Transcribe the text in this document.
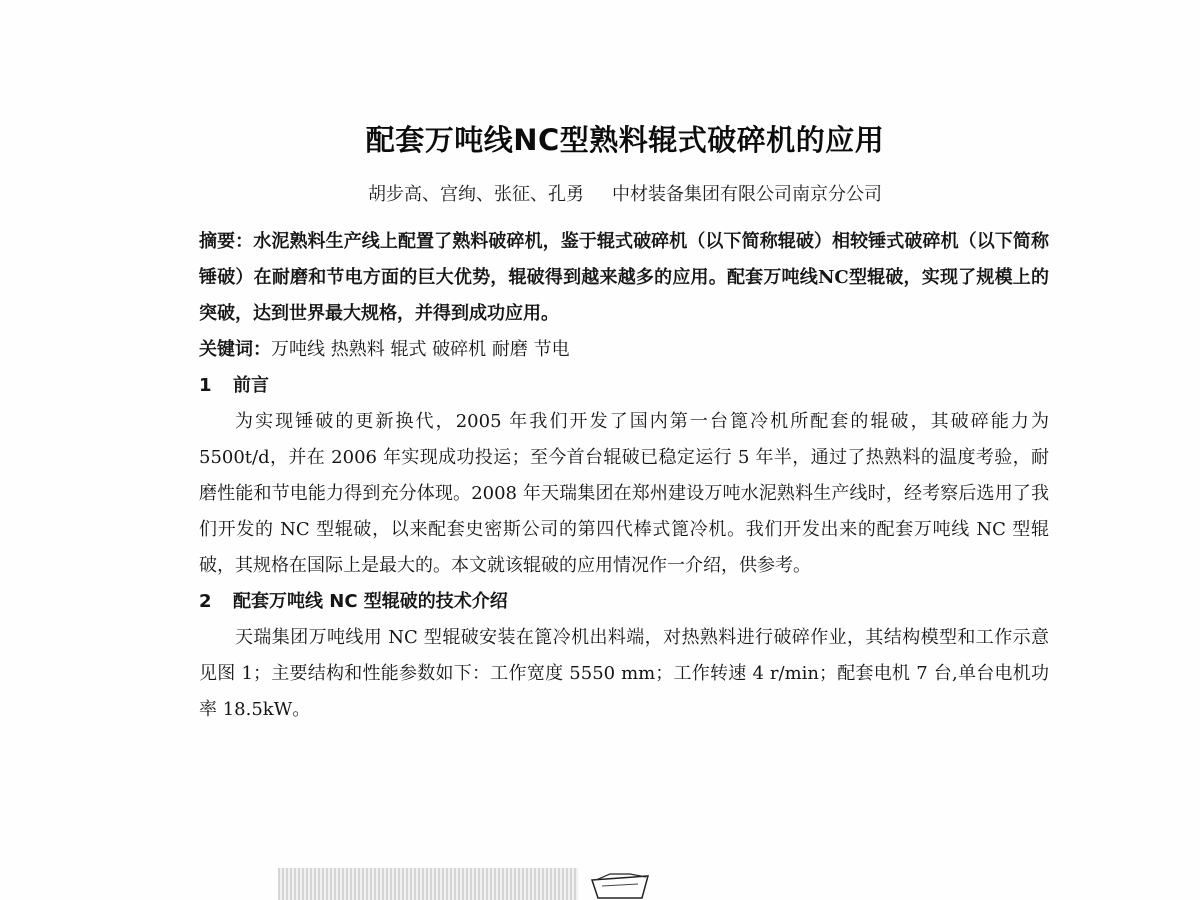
配套万吨线NC型熟料辊式破碎机的应用
胡步高、宫绚、张征、孔勇 中材装备集团有限公司南京分公司

摘要：水泥熟料生产线上配置了熟料破碎机，鉴于辊式破碎机（以下简称辊破）相较锤式破碎机（以下简称锤破）在耐磨和节电方面的巨大优势，辊破得到越来越多的应用。配套万吨线NC型辊破，实现了规模上的突破，达到世界最大规格，并得到成功应用。

关键词：万吨线 热熟料 辊式 破碎机 耐磨 节电

1 前言

为实现锤破的更新换代，2005 年我们开发了国内第一台篦冷机所配套的辊破，其破碎能力为 5500t/d，并在 2006 年实现成功投运；至今首台辊破已稳定运行 5 年半，通过了热熟料的温度考验，耐磨性能和节电能力得到充分体现。2008 年天瑞集团在郑州建设万吨水泥熟料生产线时，经考察后选用了我们开发的 NC 型辊破，以来配套史密斯公司的第四代棒式篦冷机。我们开发出来的配套万吨线 NC 型辊破，其规格在国际上是最大的。本文就该辊破的应用情况作一介绍，供参考。

2 配套万吨线 NC 型辊破的技术介绍

天瑞集团万吨线用 NC 型辊破安装在篦冷机出料端，对热熟料进行破碎作业，其结构模型和工作示意见图 1；主要结构和性能参数如下：工作宽度 5550 mm；工作转速 4 r/min；配套电机 7 台,单台电机功率 18.5kW。
